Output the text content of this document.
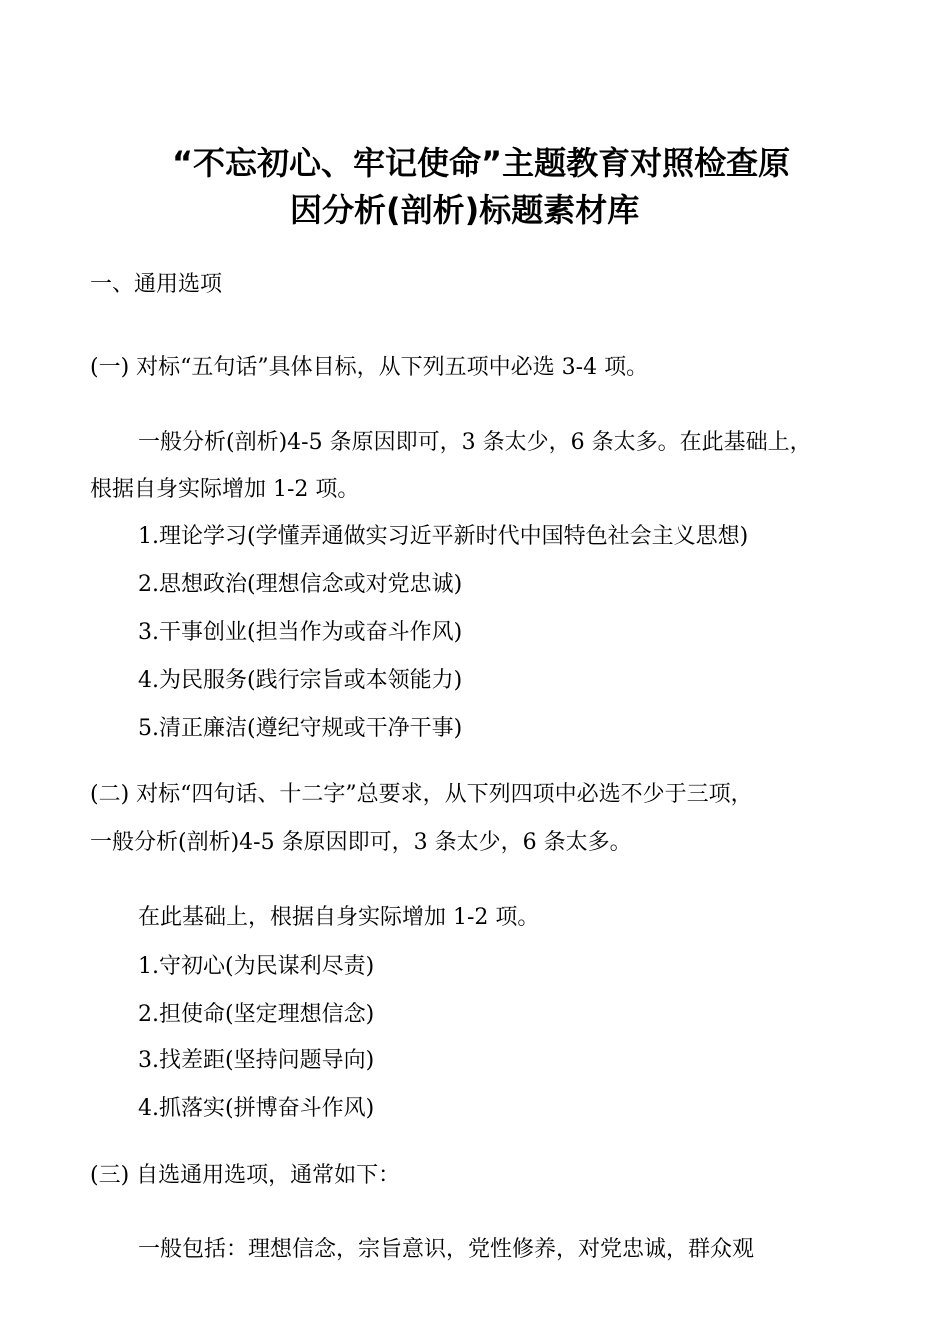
“不忘初心、牢记使命”主题教育对照检查原
因分析(剖析)标题素材库
一、通用选项
(一) 对标“五句话”具体目标，从下列五项中必选 3-4 项。
一般分析(剖析)4-5 条原因即可，3 条太少，6 条太多。在此基础上，
根据自身实际增加 1-2 项。
1.理论学习(学懂弄通做实习近平新时代中国特色社会主义思想)
2.思想政治(理想信念或对党忠诚)
3.干事创业(担当作为或奋斗作风)
4.为民服务(践行宗旨或本领能力)
5.清正廉洁(遵纪守规或干净干事)
(二) 对标“四句话、十二字”总要求，从下列四项中必选不少于三项，
一般分析(剖析)4-5 条原因即可，3 条太少，6 条太多。
在此基础上，根据自身实际增加 1-2 项。
1.守初心(为民谋利尽责)
2.担使命(坚定理想信念)
3.找差距(坚持问题导向)
4.抓落实(拼博奋斗作风)
(三) 自选通用选项，通常如下：
一般包括：理想信念，宗旨意识，党性修养，对党忠诚，群众观
